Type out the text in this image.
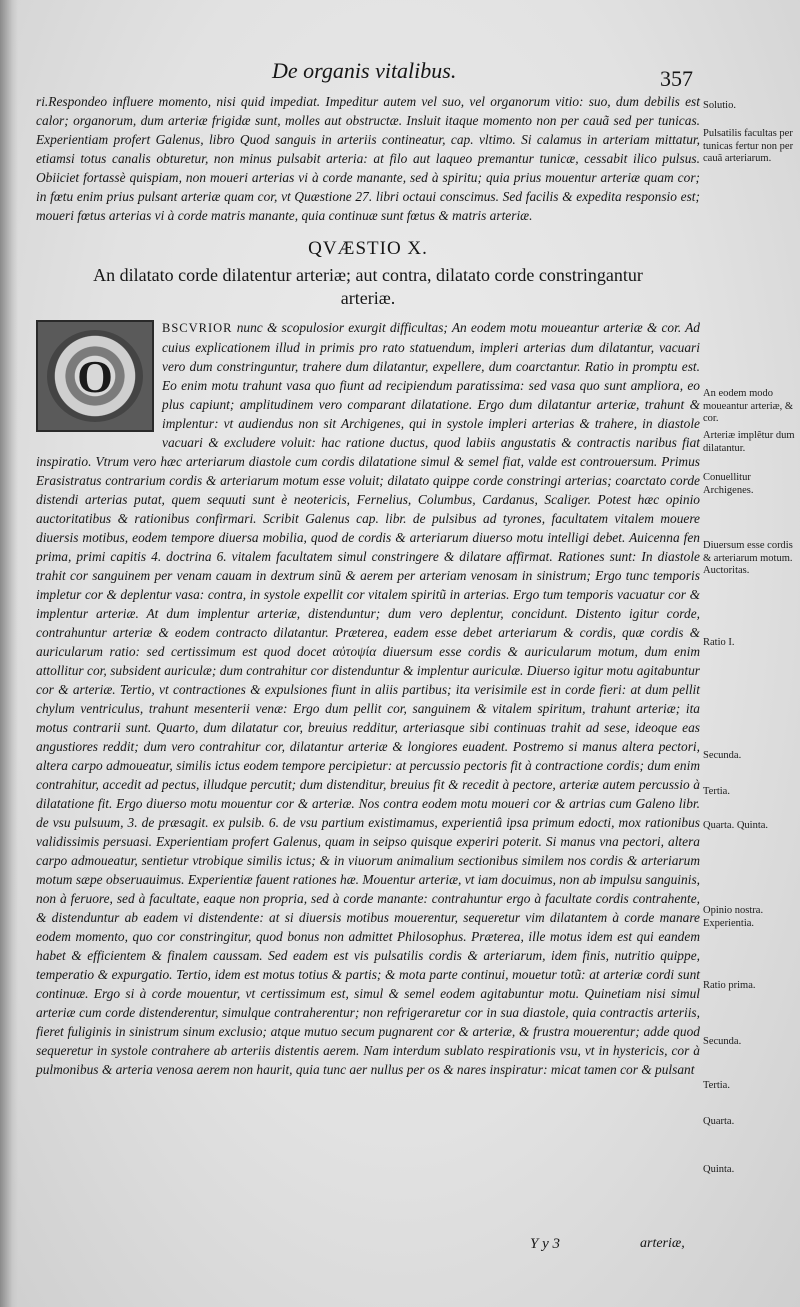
De organis vitalibus.	357

ri.Respondeo influere momento, nisi quid impediat. Impeditur autem vel suo, vel organorum vitio: suo, dum debilis est calor; organorum, dum arteriæ frigidæ sunt, molles aut obstructæ. Insluit itaque momento non per cauã sed per tunicas. Experientiam profert Galenus, libro Quod sanguis in arteriis contineatur, cap. vltimo. Si calamus in arteriam mittatur, etiamsi totus canalis obturetur, non minus pulsabit arteria: at filo aut laqueo premantur tunicæ, cessabit ilico pulsus. Obiiciet fortassè quispiam, non moueri arterias vi à corde manante, sed à spiritu; quia prius mouentur arteriæ quam cor; in fœtu enim prius pulsant arteriæ quam cor, vt Quæstione 27. libri octaui conscimus. Sed facilis & expedita responsio est; moueri fœtus arterias vi à corde matris manante, quia continuæ sunt fœtus & matris arteriæ.

QVÆSTIO X.
An dilatato corde dilatentur arteriæ; aut contra, dilatato corde constringantur arteriæ.

O
BSCVRIOR nunc & scopulosior exurgit difficultas; An eodem motu moueantur arteriæ & cor. Ad cuius explicationem illud in primis pro rato statuendum, impleri arterias dum dilatantur, vacuari vero dum constringuntur, trahere dum dilatantur, expellere, dum coarctantur. Ratio in promptu est. Eo enim motu trahunt vasa quo fiunt ad recipiendum paratissima: sed vasa quo sunt ampliora, eo plus capiunt; amplitudinem vero comparant dilatatione. Ergo dum dilatantur arteriæ, trahunt & implentur: vt audiendus non sit Archigenes, qui in systole impleri arterias & trahere, in diastole vacuari & excludere voluit: hac ratione ductus, quod labiis angustatis & contractis naribus fiat inspiratio. Vtrum vero hæc arteriarum diastole cum cordis dilatatione simul & semel fiat, valde est controuersum. Primus Erasistratus contrarium cordis & arteriarum motum esse voluit; dilatato quippe corde constringi arterias; coarctato corde distendi arterias putat, quem sequuti sunt è neotericis, Fernelius, Columbus, Cardanus, Scaliger. Potest hæc opinio auctoritatibus & rationibus confirmari. Scribit Galenus cap. libr. de pulsibus ad tyrones, facultatem vitalem mouere diuersis motibus, eodem tempore diuersa mobilia, quod de cordis & arteriarum diuerso motu intelligi debet. Auicenna fen prima, primi capitis 4. doctrina 6. vitalem facultatem simul constringere & dilatare affirmat. Rationes sunt: In diastole trahit cor sanguinem per venam cauam in dextrum sinũ & aerem per arteriam venosam in sinistrum; Ergo tunc temporis impletur cor & deplentur vasa: contra, in systole expellit cor vitalem spiritũ in arterias. Ergo tum temporis vacuatur cor & implentur arteriæ. At dum implentur arteriæ, distenduntur; dum vero deplentur, concidunt. Distento igitur corde, contrahuntur arteriæ & eodem contracto dilatantur. Præterea, eadem esse debet arteriarum & cordis, quæ cordis & auricularum ratio: sed certissimum est quod docet αὐτοψία diuersum esse cordis & auricularum motum, dum enim attollitur cor, subsident auriculæ; dum contrahitur cor distenduntur & implentur auriculæ. Diuerso igitur motu agitabuntur cor & arteriæ. Tertio, vt contractiones & expulsiones fiunt in aliis partibus; ita verisimile est in corde fieri: at dum pellit chylum ventriculus, trahunt mesenterii venæ: Ergo dum pellit cor, sanguinem & vitalem spiritum, trahunt arteriæ; ita motus contrarii sunt. Quarto, dum dilatatur cor, breuius redditur, arteriasque sibi continuas trahit ad sese, ideoque eas angustiores reddit; dum vero contrahitur cor, dilatantur arteriæ & longiores euadent. Postremo si manus altera pectori, altera carpo admoueatur, similis ictus eodem tempore percipietur: at percussio pectoris fit à contractione cordis; dum enim contrahitur, accedit ad pectus, illudque percutit; dum distenditur, breuius fit & recedit à pectore, arteriæ autem percussio à dilatatione fit. Ergo diuerso motu mouentur cor & arteriæ. Nos contra eodem motu moueri cor & artrias cum Galeno libr. de vsu pulsuum, 3. de præsagit. ex pulsib. 6. de vsu partium existimamus, experientiâ ipsa primum edocti, mox rationibus validissimis persuasi. Experientiam profert Galenus, quam in seipso quisque experiri poterit. Si manus vna pectori, altera carpo admoueatur, sentietur vtrobique similis ictus; & in viuorum animalium sectionibus similem nos cordis & arteriarum motum sæpe obseruauimus. Experientiæ fauent rationes hæ. Mouentur arteriæ, vt iam docuimus, non ab impulsu sanguinis, non à feruore, sed à facultate, eaque non propria, sed à corde manante: contrahuntur ergo à facultate cordis contrahente, & distenduntur ab eadem vi distendente: at si diuersis motibus mouerentur, sequeretur vim dilatantem à corde manare eodem momento, quo cor constringitur, quod bonus non admittet Philosophus. Præterea, ille motus idem est qui eandem habet & efficientem & finalem caussam. Sed eadem est vis pulsatilis cordis & arteriarum, idem finis, nutritio quippe, temperatio & expurgatio. Tertio, idem est motus totius & partis; & mota parte continui, mouetur totũ: at arteriæ cordi sunt continuæ. Ergo si à corde mouentur, vt certissimum est, simul & semel eodem agitabuntur motu. Quinetiam nisi simul arteriæ cum corde distenderentur, simulque contraherentur; non refrigeraretur cor in sua diastole, quia contractis arteriis, fieret fuliginis in sinistrum sinum exclusio; atque mutuo secum pugnarent cor & arteriæ, & frustra mouerentur; adde quod sequeretur in systole contrahere ab arteriis distentis aerem. Nam interdum sublato respirationis vsu, vt in hystericis, cor à pulmonibus & arteria venosa aerem non haurit, quia tunc aer nullus per os & nares inspiratur: micat tamen cor & pulsant

Solutio.
Pulsatilis facultas per tunicas fertur non per cauã arteriarum.
An eodem modo moueantur arteriæ, & cor.
Arteriæ implẽtur dum dilatantur.
Conuellitur Archigenes.
Diuersum esse cordis & arteriarum motum. Auctoritas.
Ratio I.
Secunda.
Tertia.
Quarta. Quinta.
Opinio nostra. Experientia.
Ratio prima.
Secunda.
Tertia.
Quarta.
Quinta.
Y y 3	arteriæ,
